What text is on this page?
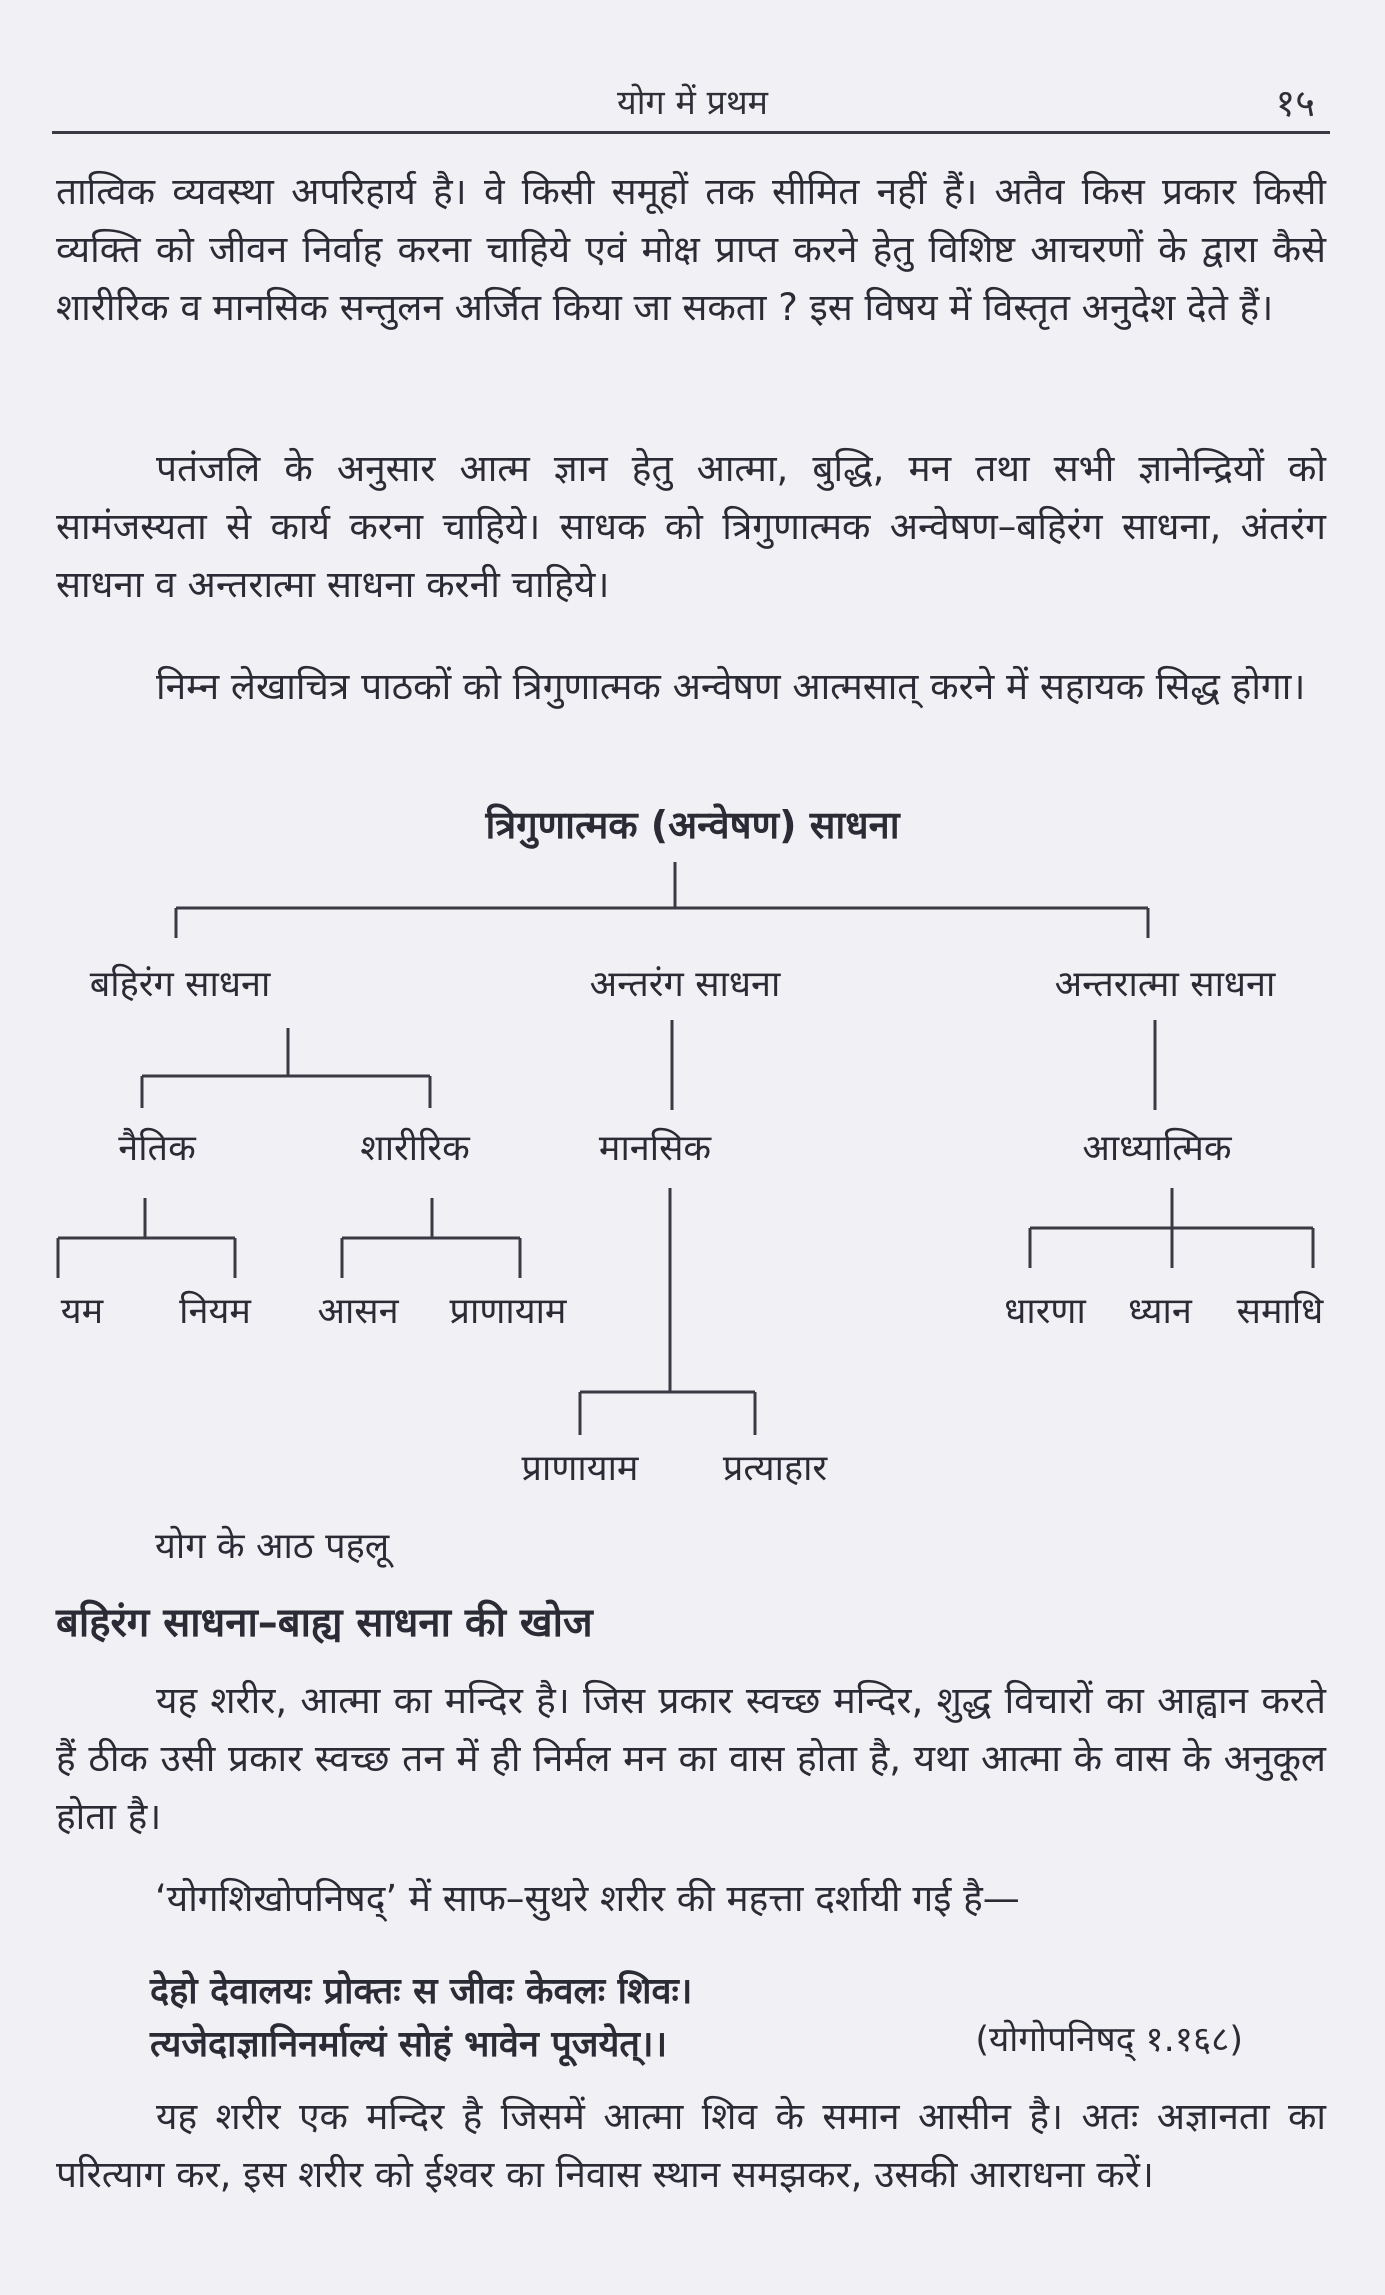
योग में प्रथम	१५
तात्विक व्यवस्था अपरिहार्य है। वे किसी समूहों तक सीमित नहीं हैं। अतैव किस प्रकार किसी व्यक्ति को जीवन निर्वाह करना चाहिये एवं मोक्ष प्राप्त करने हेतु विशिष्ट आचरणों के द्वारा कैसे शारीरिक व मानसिक सन्तुलन अर्जित किया जा सकता ? इस विषय में विस्तृत अनुदेश देते हैं।
पतंजलि के अनुसार आत्म ज्ञान हेतु आत्मा, बुद्धि, मन तथा सभी ज्ञानेन्द्रियों को सामंजस्यता से कार्य करना चाहिये। साधक को त्रिगुणात्मक अन्वेषण–बहिरंग साधना, अंतरंग साधना व अन्तरात्मा साधना करनी चाहिये।
निम्न लेखाचित्र पाठकों को त्रिगुणात्मक अन्वेषण आत्मसात् करने में सहायक सिद्ध होगा।
त्रिगुणात्मक (अन्वेषण) साधना
बहिरंग साधना	अन्तरंग साधना	अन्तरात्मा साधना
नैतिक	शारीरिक	मानसिक	आध्यात्मिक
यम नियम आसन प्राणायाम	धारणा ध्यान समाधि
प्राणायाम प्रत्याहार
योग के आठ पहलू
बहिरंग साधना–बाह्य साधना की खोज
यह शरीर, आत्मा का मन्दिर है। जिस प्रकार स्वच्छ मन्दिर, शुद्ध विचारों का आह्वान करते हैं ठीक उसी प्रकार स्वच्छ तन में ही निर्मल मन का वास होता है, यथा आत्मा के वास के अनुकूल होता है।
‘योगशिखोपनिषद्’ में साफ–सुथरे शरीर की महत्ता दर्शायी गई है—
देहो देवालयः प्रोक्तः स जीवः केवलः शिवः।
त्यजेदाज्ञानिनर्माल्यं सोहं भावेन पूजयेत्।।	(योगोपनिषद् १.१६८)
यह शरीर एक मन्दिर है जिसमें आत्मा शिव के समान आसीन है। अतः अज्ञानता का परित्याग कर, इस शरीर को ईश्वर का निवास स्थान समझकर, उसकी आराधना करें।
